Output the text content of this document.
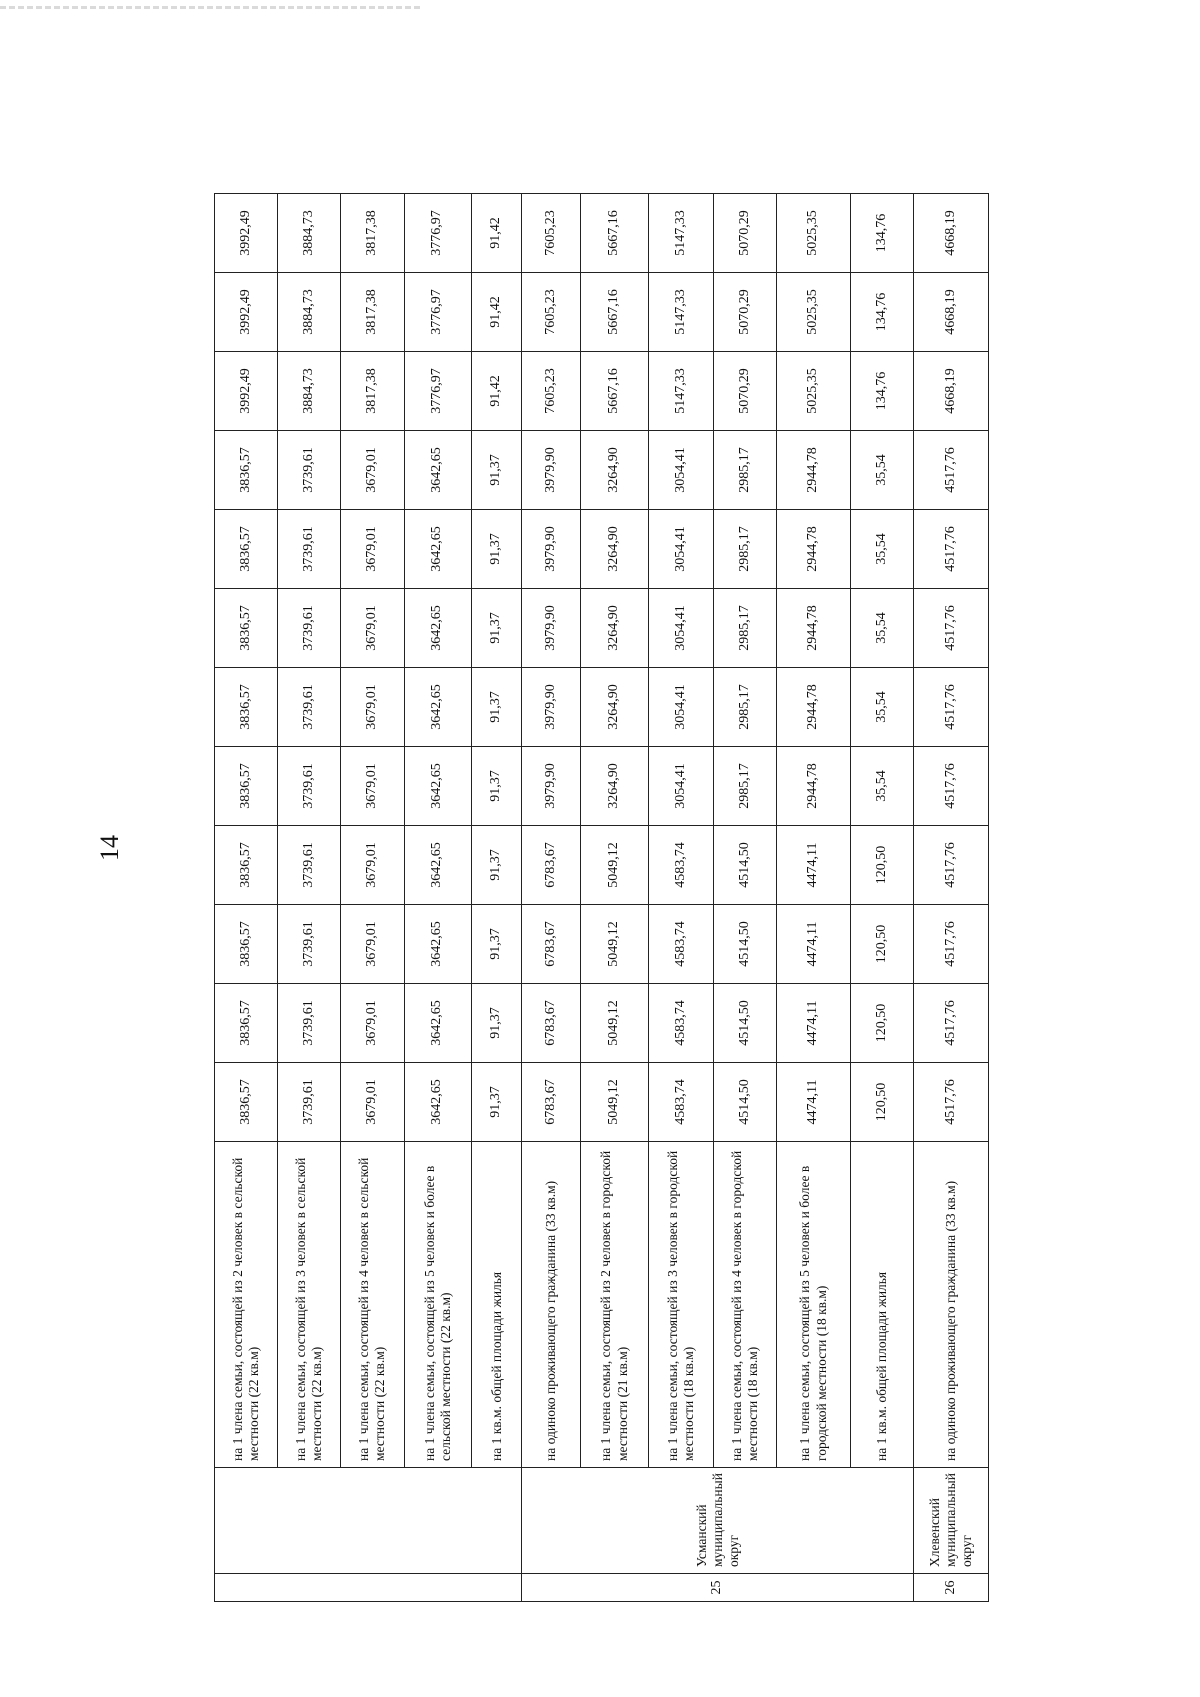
14
		на 1 члена семьи, состоящей из 2 человек в сельской местности (22 кв.м)	3836,57	3836,57	3836,57	3836,57	3836,57	3836,57	3836,57	3836,57	3836,57	3992,49	3992,49	3992,49
		на 1 члена семьи, состоящей из 3 человек в сельской местности (22 кв.м)	3739,61	3739,61	3739,61	3739,61	3739,61	3739,61	3739,61	3739,61	3739,61	3884,73	3884,73	3884,73
		на 1 члена семьи, состоящей из 4 человек в сельской местности (22 кв.м)	3679,01	3679,01	3679,01	3679,01	3679,01	3679,01	3679,01	3679,01	3679,01	3817,38	3817,38	3817,38
		на 1 члена семьи, состоящей из 5 человек и более в сельской местности (22 кв.м)	3642,65	3642,65	3642,65	3642,65	3642,65	3642,65	3642,65	3642,65	3642,65	3776,97	3776,97	3776,97
		на 1 кв.м. общей площади жилья	91,37	91,37	91,37	91,37	91,37	91,37	91,37	91,37	91,37	91,42	91,42	91,42
25	Усманский муниципальный округ	на одиноко проживающего гражданина (33 кв.м)	6783,67	6783,67	6783,67	6783,67	3979,90	3979,90	3979,90	3979,90	3979,90	7605,23	7605,23	7605,23
		на 1 члена семьи, состоящей из 2 человек в городской местности (21 кв.м)	5049,12	5049,12	5049,12	5049,12	3264,90	3264,90	3264,90	3264,90	3264,90	5667,16	5667,16	5667,16
		на 1 члена семьи, состоящей из 3 человек в городской местности (18 кв.м)	4583,74	4583,74	4583,74	4583,74	3054,41	3054,41	3054,41	3054,41	3054,41	5147,33	5147,33	5147,33
		на 1 члена семьи, состоящей из 4 человек в городской местности (18 кв.м)	4514,50	4514,50	4514,50	4514,50	2985,17	2985,17	2985,17	2985,17	2985,17	5070,29	5070,29	5070,29
		на 1 члена семьи, состоящей из 5 человек и более в городской местности (18 кв.м)	4474,11	4474,11	4474,11	4474,11	2944,78	2944,78	2944,78	2944,78	2944,78	5025,35	5025,35	5025,35
		на 1 кв.м. общей площади жилья	120,50	120,50	120,50	120,50	35,54	35,54	35,54	35,54	35,54	134,76	134,76	134,76
26	Хлевенский муниципальный округ	на одиноко проживающего гражданина (33 кв.м)	4517,76	4517,76	4517,76	4517,76	4517,76	4517,76	4517,76	4517,76	4517,76	4668,19	4668,19	4668,19
